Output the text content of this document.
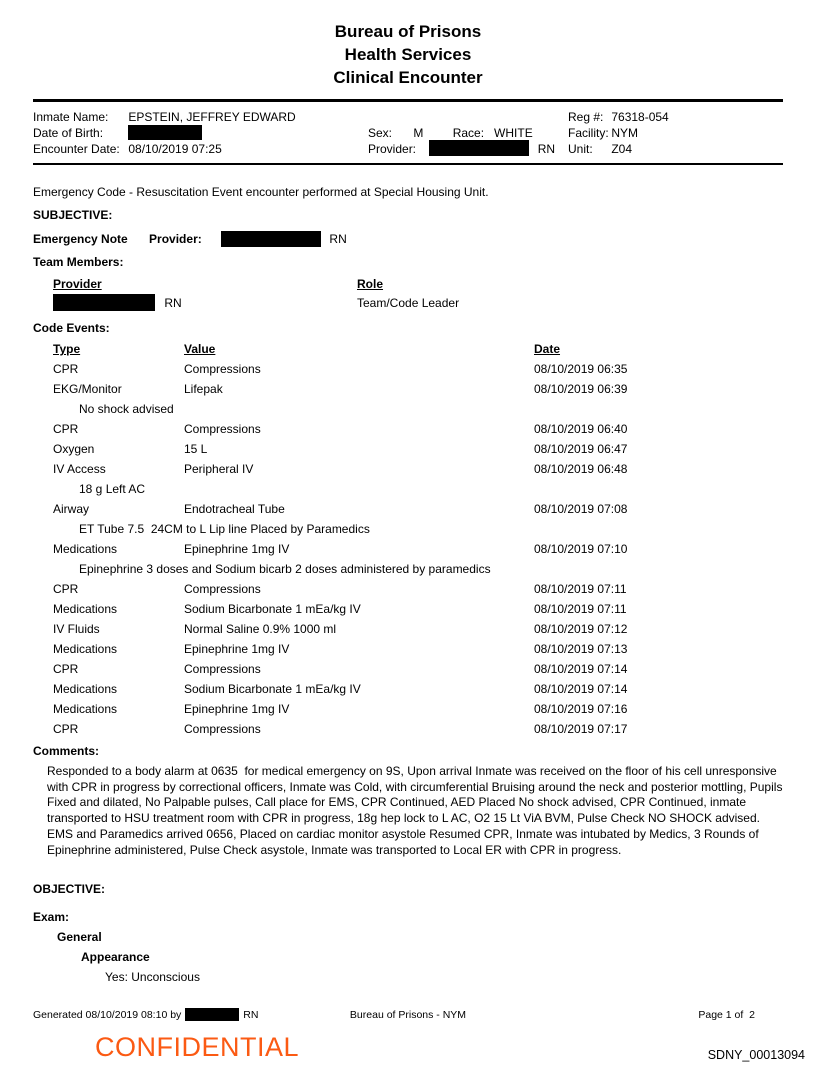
Bureau of Prisons
Health Services
Clinical Encounter
Inmate Name: EPSTEIN, JEFFREY EDWARD
Date of Birth:
Encounter Date: 08/10/2019 07:25

Sex: M Race: WHITE
Provider:	RN
Reg #: 76318-054
Facility: NYM
Unit: Z04
Emergency Code - Resuscitation Event encounter performed at Special Housing Unit.
SUBJECTIVE:
Emergency Note Provider:	RN
Team Members:
Provider	Role
RN	Team/Code Leader
Code Events:
Type	Value	Date
CPR	Compressions	08/10/2019 06:35
EKG/Monitor	Lifepak	08/10/2019 06:39
No shock advised
CPR	Compressions	08/10/2019 06:40
Oxygen	15 L	08/10/2019 06:47
IV Access	Peripheral IV	08/10/2019 06:48
18 g Left AC
Airway	Endotracheal Tube	08/10/2019 07:08
ET Tube 7.5  24CM to L Lip line Placed by Paramedics
Medications	Epinephrine 1mg IV	08/10/2019 07:10
Epinephrine 3 doses and Sodium bicarb 2 doses administered by paramedics
CPR	Compressions	08/10/2019 07:11
Medications	Sodium Bicarbonate 1 mEa/kg IV	08/10/2019 07:11
IV Fluids	Normal Saline 0.9% 1000 ml	08/10/2019 07:12
Medications	Epinephrine 1mg IV	08/10/2019 07:13
CPR	Compressions	08/10/2019 07:14
Medications	Sodium Bicarbonate 1 mEa/kg IV	08/10/2019 07:14
Medications	Epinephrine 1mg IV	08/10/2019 07:16
CPR	Compressions	08/10/2019 07:17
Comments:
Responded to a body alarm at 0635  for medical emergency on 9S, Upon arrival Inmate was received on the floor of his cell unresponsive with CPR in progress by correctional officers, Inmate was Cold, with circumferential Bruising around the neck and posterior mottling, Pupils Fixed and dilated, No Palpable pulses, Call place for EMS, CPR Continued, AED Placed No shock advised, CPR Continued, inmate transported to HSU treatment room with CPR in progress, 18g hep lock to L AC, O2 15 Lt ViA BVM, Pulse Check NO SHOCK advised. EMS and Paramedics arrived 0656, Placed on cardiac monitor asystole Resumed CPR, Inmate was intubated by Medics, 3 Rounds of Epinephrine administered, Pulse Check asystole, Inmate was transported to Local ER with CPR in progress.
OBJECTIVE:
Exam:
General
Appearance
Yes: Unconscious
Generated 08/10/2019 08:10 by	RN	Bureau of Prisons - NYM	Page 1 of  2
CONFIDENTIAL	SDNY_00013094
